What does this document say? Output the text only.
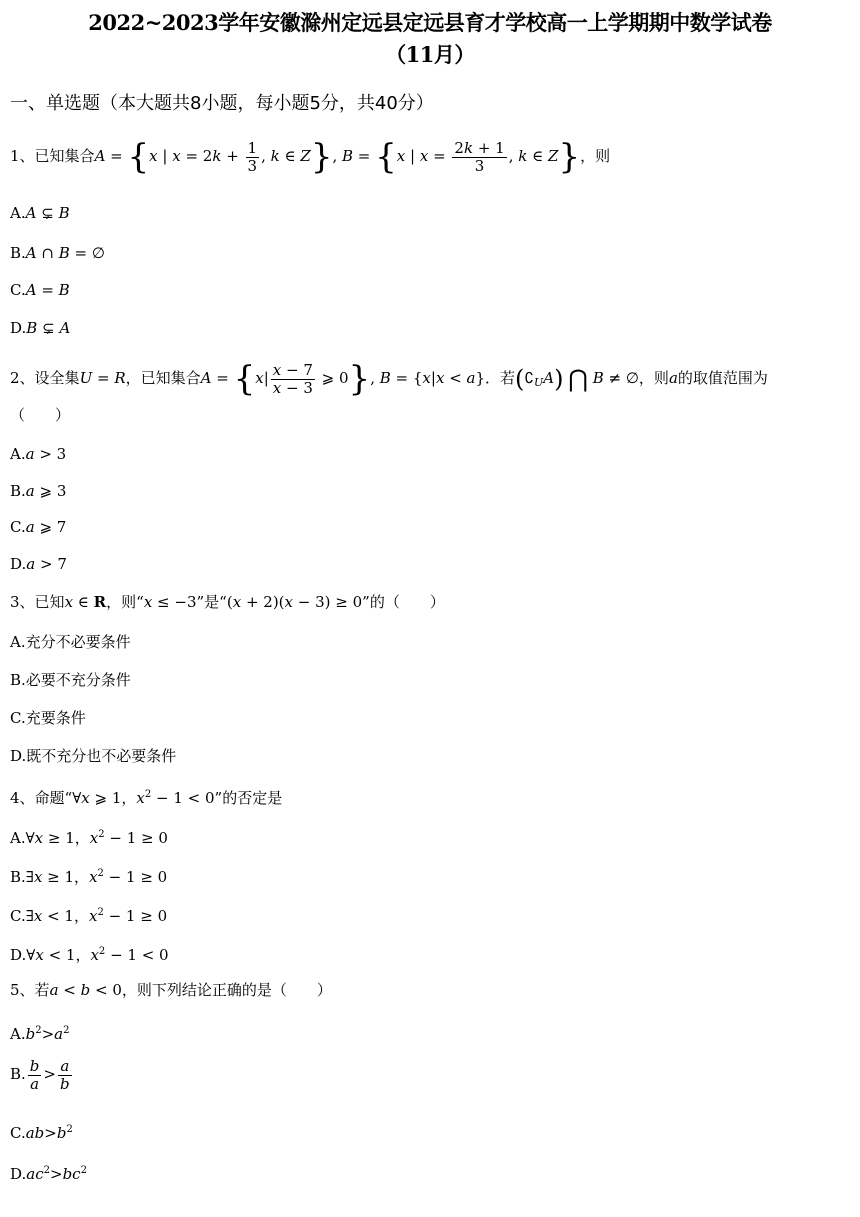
2022~2023学年安徽滁州定远县定远县育才学校高一上学期期中数学试卷
（11月）
一、单选题（本大题共8小题，每小题5分，共40分）
1、已知集合A = {x | $x = 2k + \frac{1}{3}$ , k ∈ Z}, B = {x | $x = \frac{2k + 1}{3}$ , k ∈ Z}，则
A.A ⊊ B
B.A ∩ B = ∅
C.A = B
D.B ⊊ A
2、设全集U = R，已知集合$A = \{x| \frac{x - 7}{x - 3}$ ⩾ 0}, B = {x|x < a}．若$(∁_UA)$ ⋂ B ≠ ∅，则a的取值范围为
（　　）
A.a > 3
B.a ⩾ 3
C.a ⩾ 7
D.a > 7
3、已知x ∈ R，则“x ≤ −3”是“(x + 2)(x − 3) ≥ 0”的（　　）
A.充分不必要条件
B.必要不充分条件
C.充要条件
D.既不充分也不必要条件
4、命题“∀x ⩾ 1，$x^2 - 1 < 0$”的否定是
A.∀x ≥ 1，$x^2 - 1 \ge 0$
B.∃x ≥ 1，$x^2 - 1 \ge 0$
C.∃x < 1，$x^2 - 1 \ge 0$
D.∀x < 1，$x^2 - 1 < 0$
5、若a < b < 0，则下列结论正确的是（　　）
$A.b^2>a^2$
B. $\frac{b}{a} > \frac{a}{b}$
$C.ab>b^2$
$D.ac^2>bc^2$
